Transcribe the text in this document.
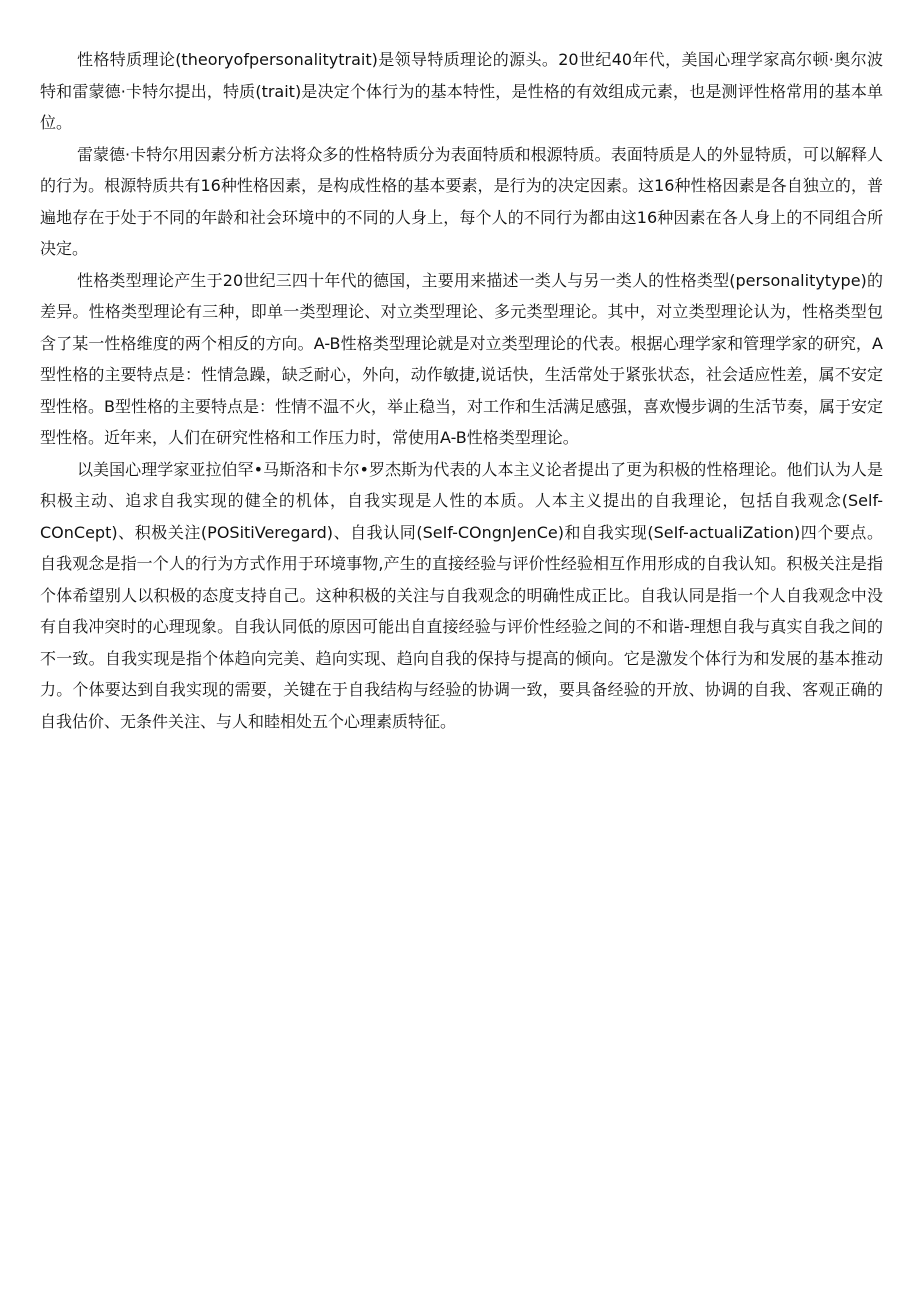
性格特质理论(theoryofpersonalitytrait)是领导特质理论的源头。20世纪40年代，美国心理学家高尔顿·奥尔波特和雷蒙德·卡特尔提出，特质(trait)是决定个体行为的基本特性，是性格的有效组成元素，也是测评性格常用的基本单位。

雷蒙德·卡特尔用因素分析方法将众多的性格特质分为表面特质和根源特质。表面特质是人的外显特质，可以解释人的行为。根源特质共有16种性格因素，是构成性格的基本要素，是行为的决定因素。这16种性格因素是各自独立的，普遍地存在于处于不同的年龄和社会环境中的不同的人身上，每个人的不同行为都由这16种因素在各人身上的不同组合所决定。

性格类型理论产生于20世纪三四十年代的德国，主要用来描述一类人与另一类人的性格类型(personalitytype)的差异。性格类型理论有三种，即单一类型理论、对立类型理论、多元类型理论。其中，对立类型理论认为，性格类型包含了某一性格维度的两个相反的方向。A-B性格类型理论就是对立类型理论的代表。根据心理学家和管理学家的研究，A型性格的主要特点是：性情急躁，缺乏耐心，外向，动作敏捷,说话快，生活常处于紧张状态，社会适应性差，属不安定型性格。B型性格的主要特点是：性情不温不火，举止稳当，对工作和生活满足感强，喜欢慢步调的生活节奏，属于安定型性格。近年来，人们在研究性格和工作压力时，常使用A-B性格类型理论。

以美国心理学家亚拉伯罕•马斯洛和卡尔•罗杰斯为代表的人本主义论者提出了更为积极的性格理论。他们认为人是积极主动、追求自我实现的健全的机体，自我实现是人性的本质。人本主义提出的自我理论，包括自我观念(Self-COnCept)、积极关注(POSitiVeregard)、自我认同(SeIf-COngnJenCe)和自我实现(SeIf-actualiZation)四个要点。自我观念是指一个人的行为方式作用于环境事物,产生的直接经验与评价性经验相互作用形成的自我认知。积极关注是指个体希望别人以积极的态度支持自己。这种积极的关注与自我观念的明确性成正比。自我认同是指一个人自我观念中没有自我冲突时的心理现象。自我认同低的原因可能出自直接经验与评价性经验之间的不和谐-理想自我与真实自我之间的不一致。自我实现是指个体趋向完美、趋向实现、趋向自我的保持与提高的倾向。它是激发个体行为和发展的基本推动力。个体要达到自我实现的需要，关键在于自我结构与经验的协调一致，要具备经验的开放、协调的自我、客观正确的自我估价、无条件关注、与人和睦相处五个心理素质特征。
